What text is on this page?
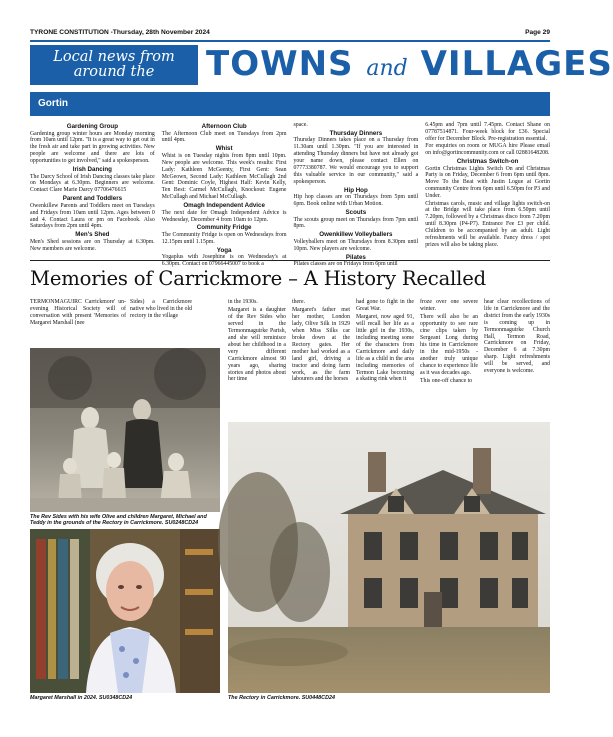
TYRONE CONSTITUTION -Thursday, 28th November 2024	Page 29
Local news from
around the	TOWNS and VILLAGES
Gortin
Gardening Group

Gardening group winter hours are Monday morning from 10am until 12pm. "It is a great way to get out in the fresh air and take part in growing activities. New people are welcome and there are lots of opportunities to get involved," said a spokesperson.

Irish Dancing

The Darcy School of Irish Dancing classes take place on Mondays at 6.30pm. Beginners are welcome. Contact Clare Marie Darcy 07706476615

Parent and Toddlers

Owenkillew Parents and Toddlers meet on Tuesdays and Fridays from 10am until 12pm. Ages between 0 and 4. Contact Laura or pm on Facebook. Also Saturdays from 2pm until 4pm.

Men's Shed

Men's Shed sessions are on Thursday at 6.30pm. New members are welcome.

Afternoon Club

The Afternoon Club meet on Tuesdays from 2pm until 4pm.

Whist

Whist is on Tuesday nights from 8pm until 10pm. New people are welcome. This week's results: First Lady: Kathleen McGeenty, First Gent: Sean McGeown, Second Lady: Kathleen McCullagh 2nd Gent: Dominic Coyle, Highest Half: Kevin Kelly, Ten Best: Carmel McCullagh, Knockout: Eugene McCullagh and Michael McCullagh.

Omagh Independent Advice

The next date for Omagh Independent Advice is Wednesday, December 4 from 10am to 12pm.

Community Fridge

The Community Fridge is open on Wednesdays from 12.15pm until 1.15pm.

Yoga

Yogaplus with Josephine is on Wednesday's at 6.30pm. Contact on 07966445007 to book a

space.

Thursday Dinners

Thursday Dinners takes place on a Thursday from 11.30am until 1.30pm. "If you are interested in attending Thursday dinners but have not already got your name down, please contact Ellen on 07773380787. We would encourage you to support this valuable service in our community," said a spokesperson.

Hip Hop

Hip hop classes are on Thursdays from 5pm until 6pm. Book online with Urban Motion.

Scouts

The scouts group meet on Thursdays from 7pm until 8pm.

Owenkillew Volleyballers

Volleyballers meet on Thursdays from 8.30pm until 10pm. New players are welcome.

Pilates

Pilates classes are on Fridays from 6pm until

6.45pm and 7pm until 7.45pm. Contact Shane on 07787514871. Four-week block for £36. Special offer for December Block. Pre-registration essential.

For enquiries on room or MUGA hire Please email on info@gortincommunity.com or call 02881648208.

Christmas Switch-on

Gortin Christmas Lights Switch On and Christmas Party is on Friday, December 6 from 6pm until 8pm. Move To the Beat with Justin Logue at Gortin community Centre from 6pm until 6.50pm for P3 and Under.

Christmas carols, music and village lights switch-on at the Bridge will take place from 6.50pm until 7.20pm, followed by a Christmas disco from 7.20pm until 8.30pm (P4-P7). Entrance Fee £3 per child. Children to be accompanied by an adult. Light refreshments will be available. Fancy dress / spot prizes will also be taking place.

Memories of Carrickmore – A History Recalled

TERMONMAGUIRC Carrickmore' un-evening Historical Society will of conversation with present 'Memories of Margaret Marshall (nee

Sides) a Carrickmore native who lived in the old rectory in the village

in the 1930s.

Margaret is a daughter of the Rev Sides who served in the Termonmaguirke Parish, and she will reminisce about her childhood in a very different Carrickmore almost 90 years ago, sharing stories and photos about her time

there.

Margaret's father met her mother, London lady, Olive Silk in 1929 when Miss Silks car broke down at the Rectory gates. Her mother had worked as a land girl, driving a tractor and doing farm work, as the farm labourers and the horses

had gone to fight in the Great War.

Margaret, now aged 91, will recall her life as a little girl in the 1930s, including meeting some of the characters from Carrickmore and daily life as a child in the area including memories of Termon Lake becoming a skating rink when it

froze over one severe winter.

There will also be an opportunity to see rare cine clips taken by Sergeant Long during his time in Carrickmore in the mid-1950s - another truly unique chance to experience life as it was decades ago.

This one-off chance to

hear clear recollections of life in Carrickmore and the district from the early 1930s is coming up in Termonmaguirke Church Hall, Termon Road, Carrickmore on Friday, December 6 at 7.30pm sharp. Light refreshments will be served, and everyone is welcome.

The Rev Sides with his wife Olive and children Margaret, Michael and Teddy in the grounds of the Rectory in Carrickmore. SU0248CD24
Margaret Marshall in 2024. SU0348CD24	The Rectory in Carrickmore. SU0448CD24
